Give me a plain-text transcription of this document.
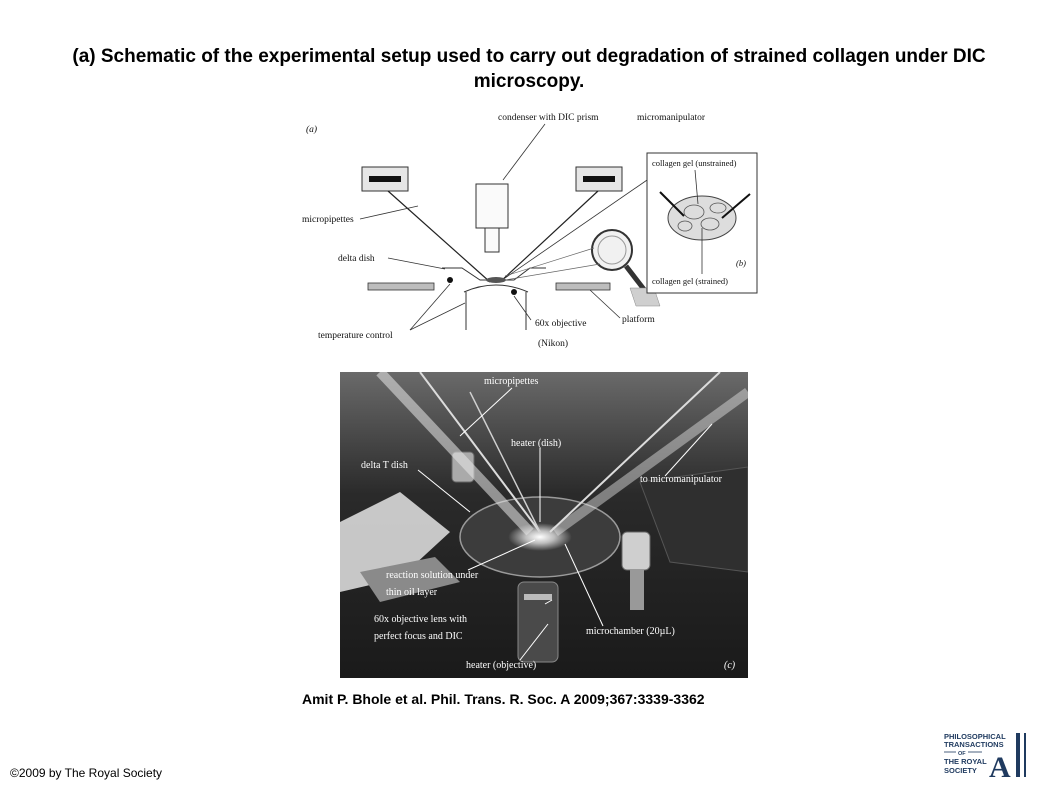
(a) Schematic of the experimental setup used to carry out degradation of strained collagen under DIC microscopy.
(a)
condenser with DIC prism	micromanipulator
micropipettes
delta dish
temperature control
60x objective
(Nikon)
platform
collagen gel (unstrained)
(b)
collagen gel (strained)
micropipettes
heater (dish)
delta T dish
to micromanipulator
reaction solution under
thin oil layer
60x objective lens with
perfect focus and DIC	microchamber (20µL)
heater (objective)	(c)
Amit P. Bhole et al. Phil. Trans. R. Soc. A 2009;367:3339-3362
©2009 by The Royal Society
PHILOSOPHICAL
TRANSACTIONS
OF
THE ROYAL
SOCIETY A
